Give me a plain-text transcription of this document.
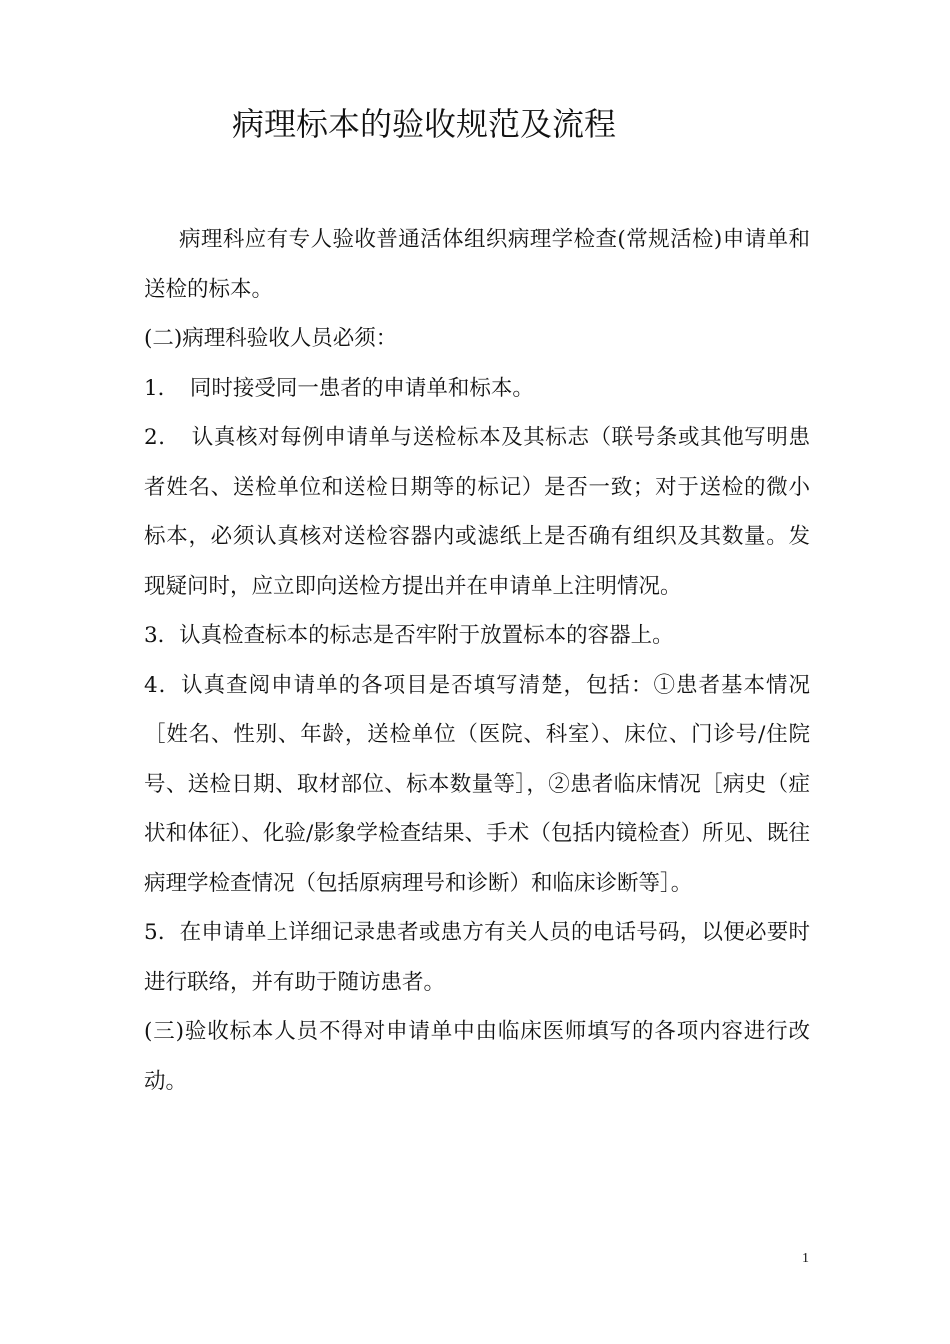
病理标本的验收规范及流程

病理科应有专人验收普通活体组织病理学检查(常规活检)申请单和送检的标本。

(二)病理科验收人员必须：

1．　同时接受同一患者的申请单和标本。

2．　认真核对每例申请单与送检标本及其标志（联号条或其他写明患者姓名、送检单位和送检日期等的标记）是否一致；对于送检的微小标本，必须认真核对送检容器内或滤纸上是否确有组织及其数量。发现疑问时，应立即向送检方提出并在申请单上注明情况。

3．认真检查标本的标志是否牢附于放置标本的容器上。

4．认真查阅申请单的各项目是否填写清楚，包括：①患者基本情况［姓名、性别、年龄，送检单位（医院、科室）、床位、门诊号/住院号、送检日期、取材部位、标本数量等］，②患者临床情况［病史（症状和体征）、化验/影象学检查结果、手术（包括内镜检查）所见、既往病理学检查情况（包括原病理号和诊断）和临床诊断等］。

5．在申请单上详细记录患者或患方有关人员的电话号码，以便必要时进行联络，并有助于随访患者。

(三)验收标本人员不得对申请单中由临床医师填写的各项内容进行改动。

1
